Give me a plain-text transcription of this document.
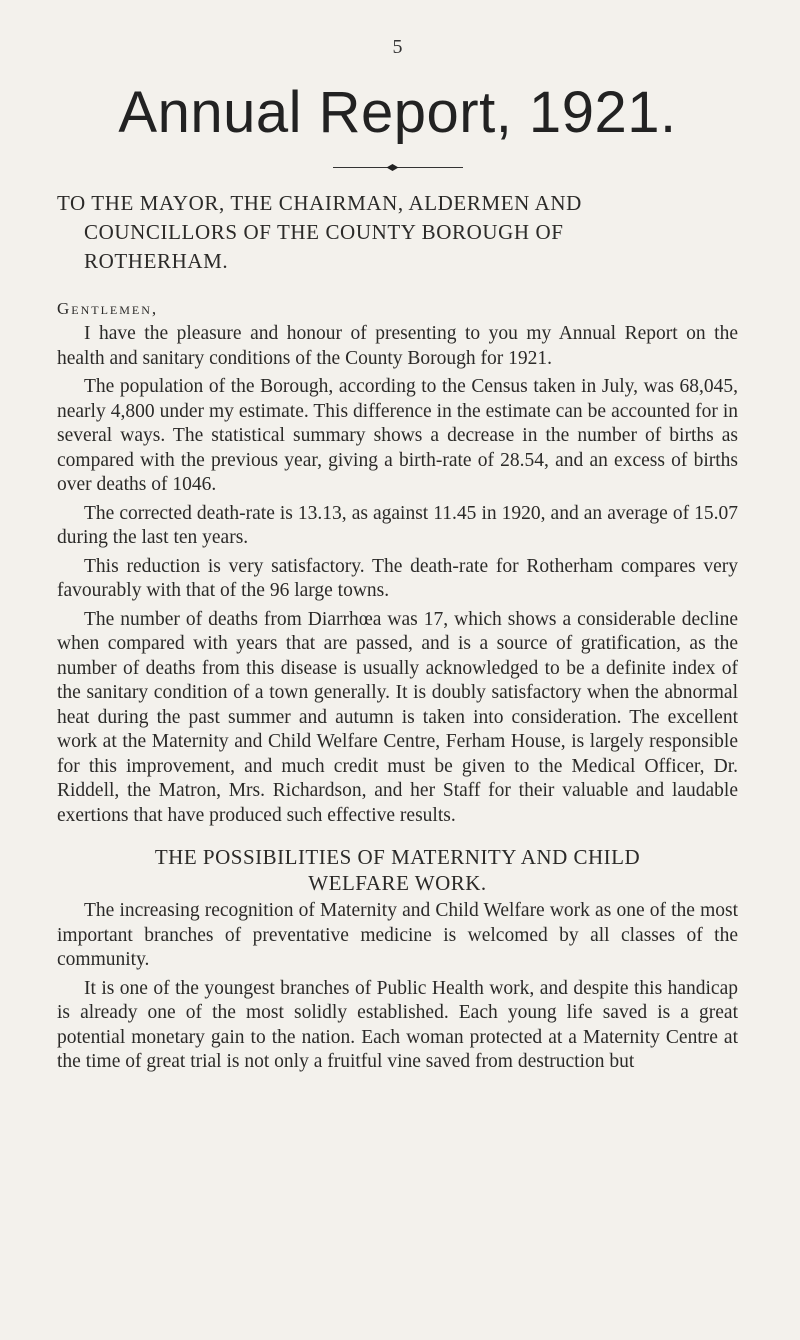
5
Annual Report, 1921.
TO THE MAYOR, THE CHAIRMAN, ALDERMEN AND
COUNCILLORS OF THE COUNTY BOROUGH OF
ROTHERHAM.
Gentlemen,

I have the pleasure and honour of presenting to you my Annual Report on the health and sanitary conditions of the County Borough for 1921.

The population of the Borough, according to the Census taken in July, was 68,045, nearly 4,800 under my estimate. This difference in the estimate can be accounted for in several ways. The statistical summary shows a decrease in the number of births as compared with the previous year, giving a birth-rate of 28.54, and an excess of births over deaths of 1046.

The corrected death-rate is 13.13, as against 11.45 in 1920, and an average of 15.07 during the last ten years.

This reduction is very satisfactory. The death-rate for Rotherham compares very favourably with that of the 96 large towns.

The number of deaths from Diarrhœa was 17, which shows a considerable decline when compared with years that are passed, and is a source of gratification, as the number of deaths from this disease is usually acknowledged to be a definite index of the sanitary condition of a town generally. It is doubly satisfactory when the abnormal heat during the past summer and autumn is taken into consideration. The excellent work at the Maternity and Child Welfare Centre, Ferham House, is largely responsible for this improvement, and much credit must be given to the Medical Officer, Dr. Riddell, the Matron, Mrs. Richardson, and her Staff for their valuable and laudable exertions that have produced such effective results.

THE POSSIBILITIES OF MATERNITY AND CHILD
WELFARE WORK.

The increasing recognition of Maternity and Child Welfare work as one of the most important branches of preventative medicine is welcomed by all classes of the community.

It is one of the youngest branches of Public Health work, and despite this handicap is already one of the most solidly established. Each young life saved is a great potential monetary gain to the nation. Each woman protected at a Maternity Centre at the time of great trial is not only a fruitful vine saved from destruction but
